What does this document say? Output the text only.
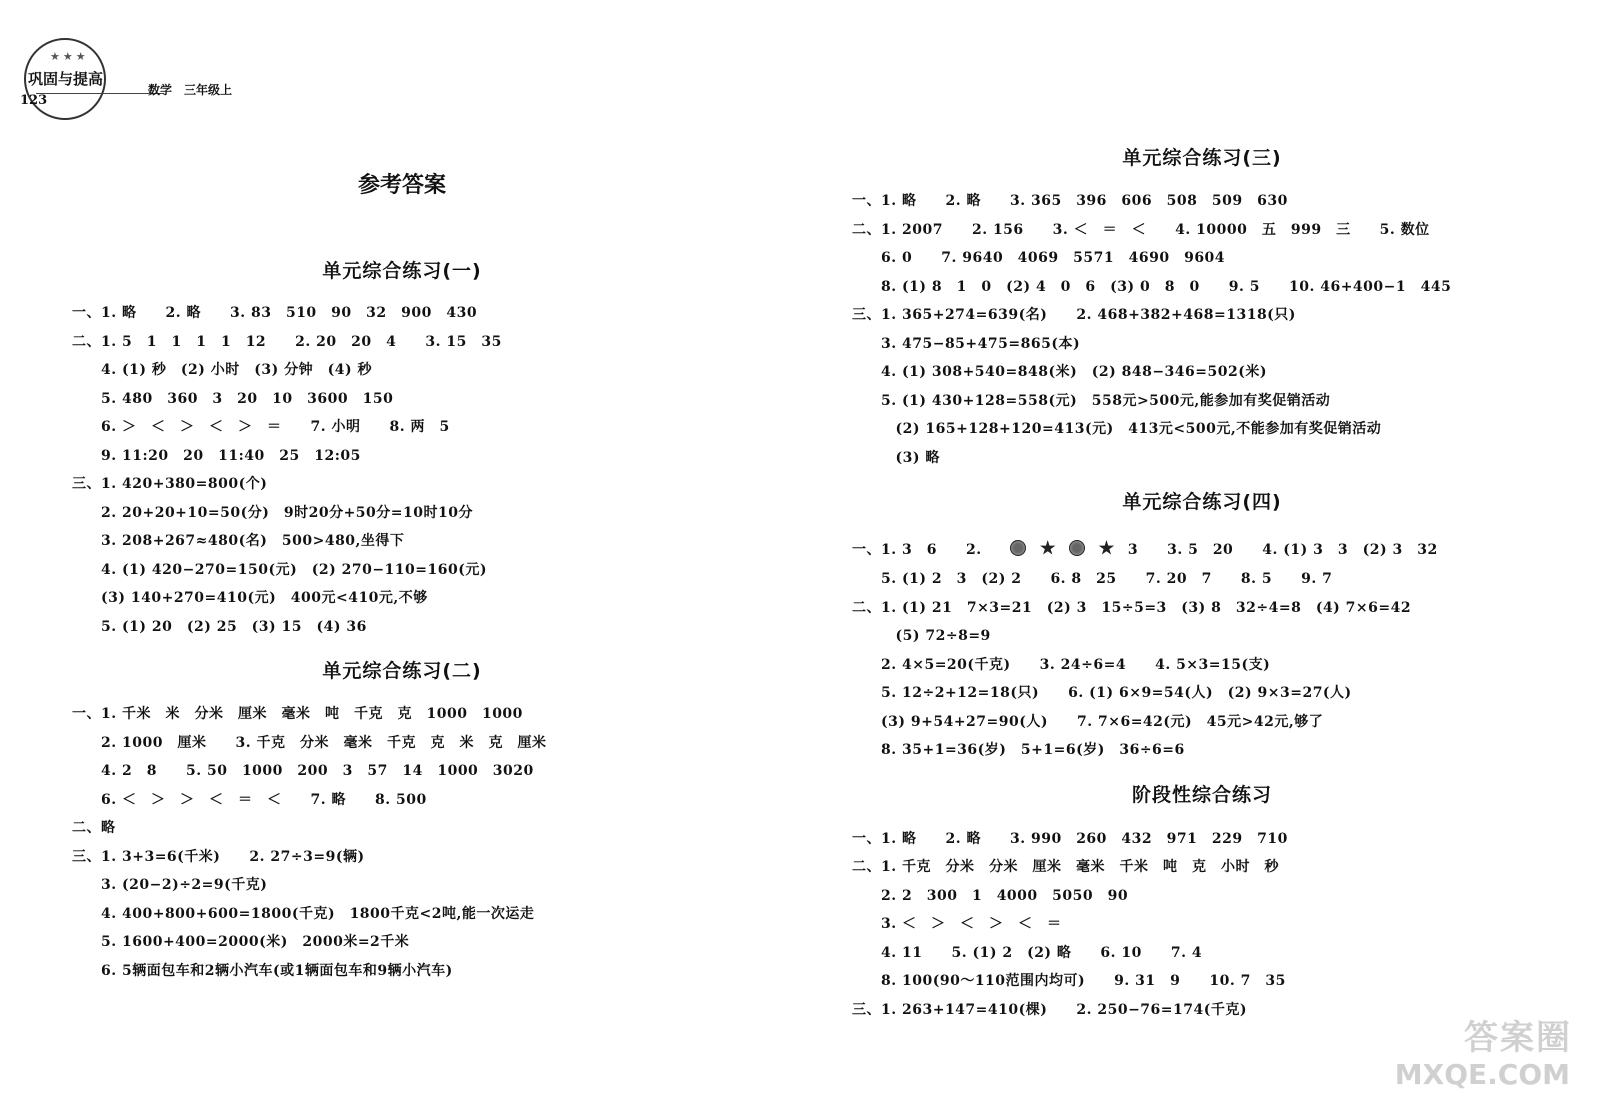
★★★
巩固与提高
数学　三年级上
123
参考答案
单元综合练习(一)
一、1. 略　　2. 略　　3. 83　510　90　32　900　430
二、1. 5　1　1　1　1　12　　2. 20　20　4　　3. 15　35
　　4. (1) 秒　(2) 小时　(3) 分钟　(4) 秒
　　5. 480　360　3　20　10　3600　150
　　6. ＞　＜　＞　＜　＞　＝　　7. 小明　　8. 两　5
　　9. 11:20　20　11:40　25　12:05
三、1. 420+380=800(个)
　　2. 20+20+10=50(分)　9时20分+50分=10时10分
　　3. 208+267≈480(名)　500>480,坐得下
　　4. (1) 420−270=150(元)　(2) 270−110=160(元)
　　(3) 140+270=410(元)　400元<410元,不够
　　5. (1) 20　(2) 25　(3) 15　(4) 36
单元综合练习(二)
一、1. 千米　米　分米　厘米　毫米　吨　千克　克　1000　1000
　　2. 1000　厘米　　3. 千克　分米　毫米　千克　克　米　克　厘米
　　4. 2　8　　5. 50　1000　200　3　57　14　1000　3020
　　6. ＜　＞　＞　＜　＝　＜　　7. 略　　8. 500
二、略
三、1. 3+3=6(千米)　　2. 27÷3=9(辆)
　　3. (20−2)÷2=9(千克)
　　4. 400+800+600=1800(千克)　1800千克<2吨,能一次运走
　　5. 1600+400=2000(米)　2000米=2千米
　　6. 5辆面包车和2辆小汽车(或1辆面包车和9辆小汽车)
单元综合练习(三)
一、1. 略　　2. 略　　3. 365　396　606　508　509　630
二、1. 2007　　2. 156　　3. ＜　＝　＜　　4. 10000　五　999　三　　5. 数位
　　6. 0　　7. 9640　4069　5571　4690　9604
　　8. (1) 8　1　0　(2) 4　0　6　(3) 0　8　0　　9. 5　　10. 46+400−1　445
三、1. 365+274=639(名)　　2. 468+382+468=1318(只)
　　3. 475−85+475=865(本)
　　4. (1) 308+540=848(米)　(2) 848−346=502(米)
　　5. (1) 430+128=558(元)　558元>500元,能参加有奖促销活动
　　　(2) 165+128+120=413(元)　413元<500元,不能参加有奖促销活动
　　　(3) 略
单元综合练习(四)
一、1. 3　6　　2.	3　　3. 5　20　　4. (1) 3　3　(2) 3　32
　　5. (1) 2　3　(2) 2　　6. 8　25　　7. 20　7　　8. 5　　9. 7
二、1. (1) 21　7×3=21　(2) 3　15÷5=3　(3) 8　32÷4=8　(4) 7×6=42
　　　(5) 72÷8=9
　　2. 4×5=20(千克)　　3. 24÷6=4　　4. 5×3=15(支)
　　5. 12÷2+12=18(只)　　6. (1) 6×9=54(人)　(2) 9×3=27(人)
　　(3) 9+54+27=90(人)　　7. 7×6=42(元)　45元>42元,够了
　　8. 35+1=36(岁)　5+1=6(岁)　36÷6=6
阶段性综合练习
一、1. 略　　2. 略　　3. 990　260　432　971　229　710
二、1. 千克　分米　分米　厘米　毫米　千米　吨　克　小时　秒
　　2. 2　300　1　4000　5050　90
　　3. ＜　＞　＜　＞　＜　＝
　　4. 11　　5. (1) 2　(2) 略　　6. 10　　7. 4
　　8. 100(90～110范围内均可)　　9. 31　9　　10. 7　35
三、1. 263+147=410(棵)　　2. 250−76=174(千克)
答案圈
MXQE.COM
